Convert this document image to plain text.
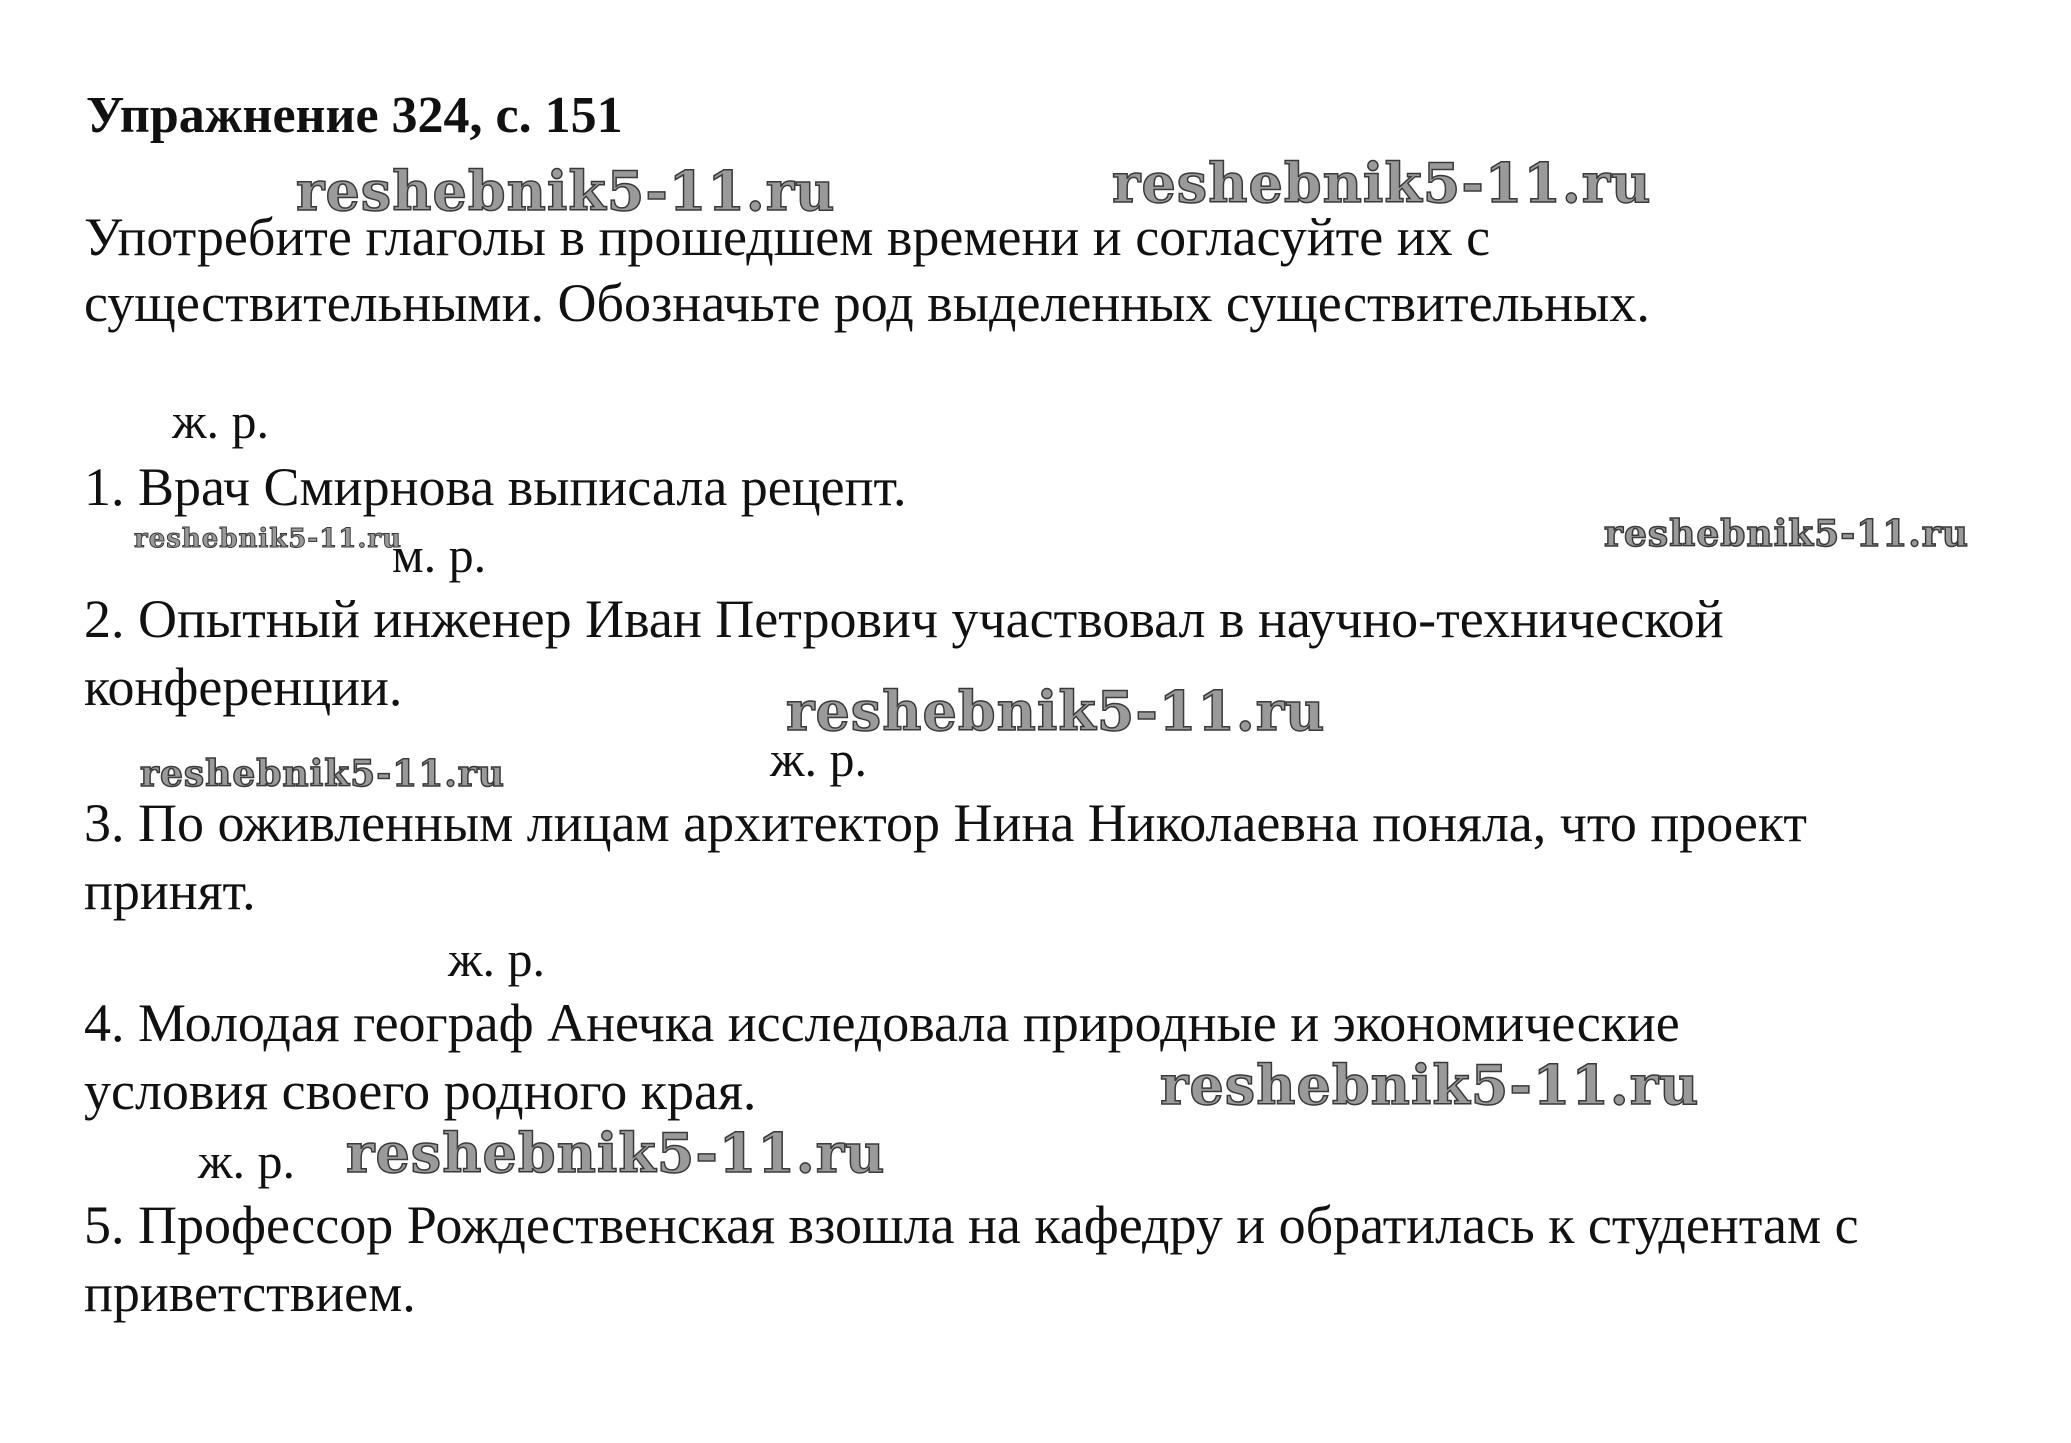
Упражнение 324, с. 151
reshebnik5-11.ru	reshebnik5-11.ru
reshebnik5-11.ru	reshebnik5-11.ru
reshebnik5-11.ru
reshebnik5-11.ru
reshebnik5-11.ru
reshebnik5-11.ru
Употребите глаголы в прошедшем времени и согласуйте их с
существительными. Обозначьте род выделенных существительных.
ж. р.
1. Врач Смирнова выписала рецепт.
м. р.
2. Опытный инженер Иван Петрович участвовал в научно-технической
конференции.
ж. р.
3. По оживленным лицам архитектор Нина Николаевна поняла, что проект
принят.
ж. р.
4. Молодая географ Анечка исследовала природные и экономические
условия своего родного края.
ж. р.
5. Профессор Рождественская взошла на кафедру и обратилась к студентам с
приветствием.
